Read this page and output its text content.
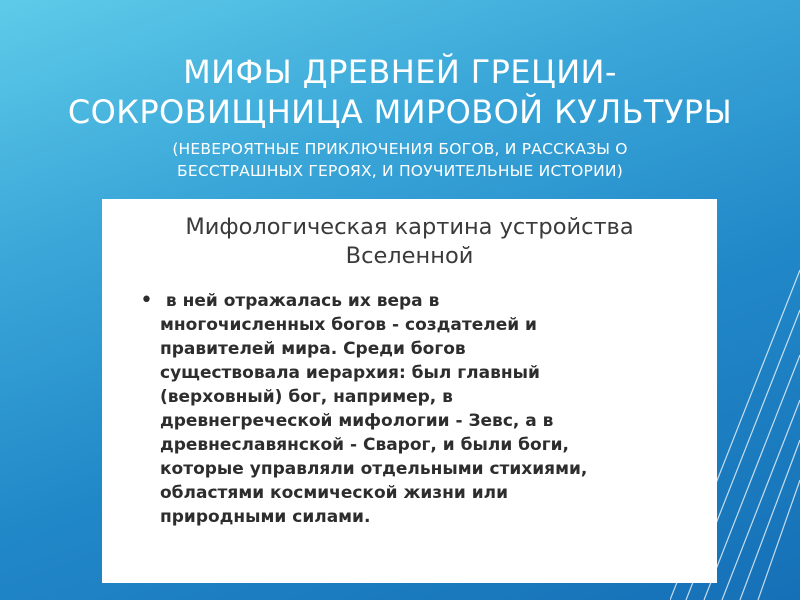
МИФЫ ДРЕВНЕЙ ГРЕЦИИ-
СОКРОВИЩНИЦА МИРОВОЙ КУЛЬТУРЫ
(НЕВЕРОЯТНЫЕ ПРИКЛЮЧЕНИЯ БОГОВ, И РАССКАЗЫ О
БЕССТРАШНЫХ ГЕРОЯХ, И ПОУЧИТЕЛЬНЫЕ ИСТОРИИ)
Мифологическая картина устройства
Вселенной
• в ней отражалась их вера в
многочисленных богов - создателей и
правителей мира. Среди богов
существовала иерархия: был главный
(верховный) бог, например, в
древнегреческой мифологии - Зевс, а в
древнеславянской - Сварог, и были боги,
которые управляли отдельными стихиями,
областями космической жизни или
природными силами.
